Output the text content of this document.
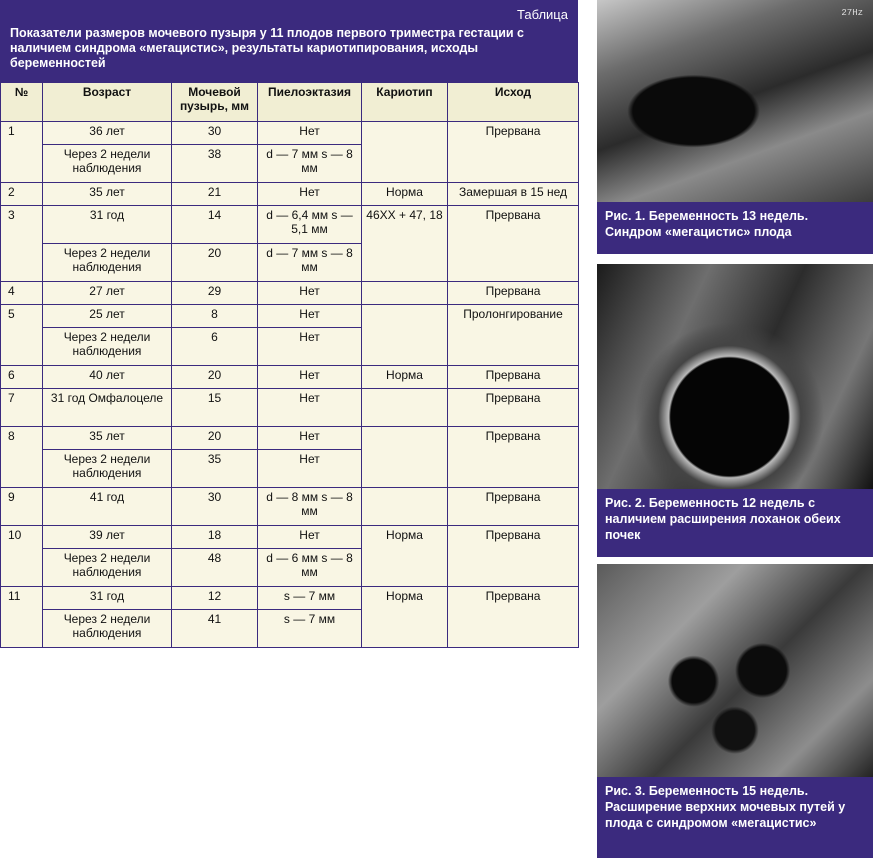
Таблица
Показатели размеров мочевого пузыря у 11 плодов первого триместра гестации с наличием синдрома «мегацистис», результаты кариотипирования, исходы беременностей
№	Возраст	Мочевой пузырь, мм	Пиелоэктазия	Кариотип	Исход
1	36 лет	30	Нет		Прервана
	Через 2 недели наблюдения	38	d — 7 мм s — 8 мм		
2	35 лет	21	Нет	Норма	Замершая в 15 нед
3	31 год	14	d — 6,4 мм s — 5,1 мм	46XX + 47, 18	Прервана
	Через 2 недели наблюдения	20	d — 7 мм s — 8 мм		
4	27 лет	29	Нет		Прервана
5	25 лет	8	Нет		Пролонгирование
	Через 2 недели наблюдения	6	Нет		
6	40 лет	20	Нет	Норма	Прервана
7	31 год Омфалоцеле	15	Нет		Прервана
8	35 лет	20	Нет		Прервана
	Через 2 недели наблюдения	35	Нет		
9	41 год	30	d — 8 мм s — 8 мм		Прервана
10	39 лет	18	Нет	Норма	Прервана
	Через 2 недели наблюдения	48	d — 6 мм s — 8 мм		
11	31 год	12	s — 7 мм	Норма	Прервана
	Через 2 недели наблюдения	41	s — 7 мм		
27Hz
Рис. 1. Беременность 13 недель. Синдром «мегацистис» плода
Рис. 2. Беременность 12 недель с наличием расширения лоханок обеих почек
Рис. 3. Беременность 15 недель. Расширение верхних мочевых путей у плода с синдромом «мегацистис»
